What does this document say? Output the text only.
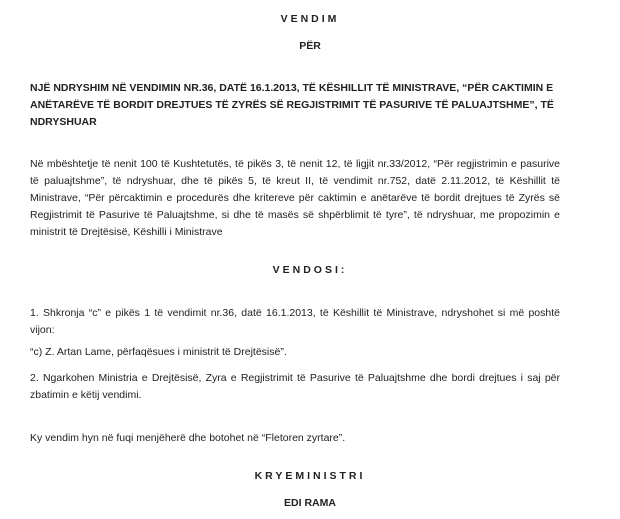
VENDIM
PËR

NJË NDRYSHIM NË VENDIMIN NR.36, DATË 16.1.2013, TË KËSHILLIT TË MINISTRAVE, “PËR CAKTIMIN E ANËTARËVE TË BORDIT DREJTUES TË ZYRËS SË REGJISTRIMIT TË PASURIVE TË PALUAJTSHME”, TË NDRYSHUAR

Në mbështetje të nenit 100 të Kushtetutës, të pikës 3, të nenit 12, të ligjit nr.33/2012, “Për regjistrimin e pasurive të paluajtshme”, të ndryshuar, dhe të pikës 5, të kreut II, të vendimit nr.752, datë 2.11.2012, të Këshillit të Ministrave, “Për përcaktimin e procedurës dhe kritereve për caktimin e anëtarëve të bordit drejtues të Zyrës së Regjistrimit të Pasurive të Paluajtshme, si dhe të masës së shpërblimit të tyre”, të ndryshuar, me propozimin e ministrit të Drejtësisë, Këshilli i Ministrave

VENDOSI:

1. Shkronja “c” e pikës 1 të vendimit nr.36, datë 16.1.2013, të Këshillit të Ministrave, ndryshohet si më poshtë vijon:

“c) Z. Artan Lame, përfaqësues i ministrit të Drejtësisë”.

2. Ngarkohen Ministria e Drejtësisë, Zyra e Regjistrimit të Pasurive të Paluajtshme dhe bordi drejtues i saj për zbatimin e këtij vendimi.

Ky vendim hyn në fuqi menjëherë dhe botohet në “Fletoren zyrtare”.

KRYEMINISTRI
EDI RAMA
